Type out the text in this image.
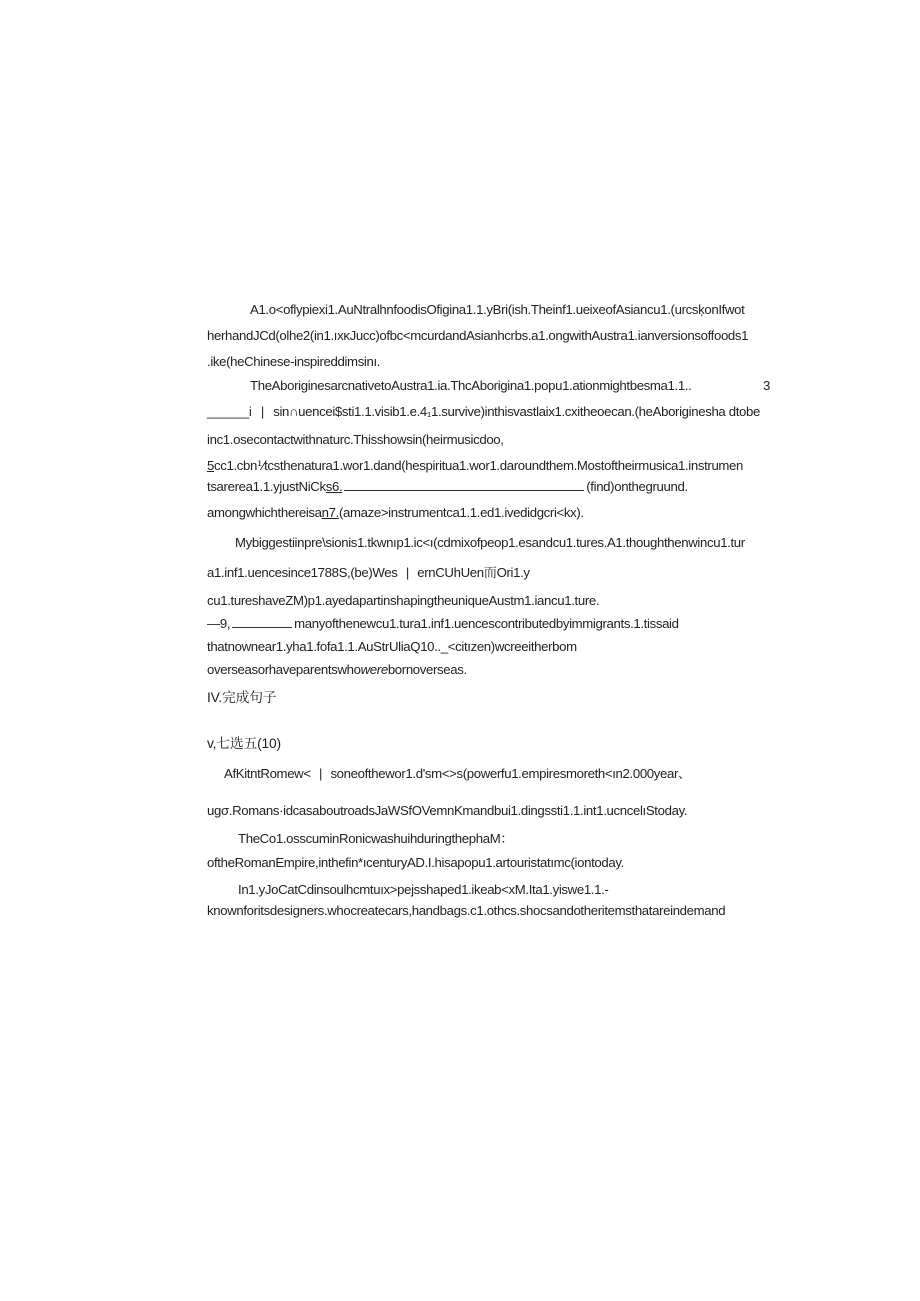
A1.o<oflypiexi1.AuNtralhnfoodisOfigina1.1.yBri(ish.Theinf1.ueixeofAsiancu1.(urcsķonIfwot

herhandJCd(olhe2(in1.ıxκJucc)ofbc<mcurdandAsianhcrbs.a1.ongwithAustra1.ianversionsoffoods1

.ike(heChinese-inspireddimsinı.

TheAboriginesarcnativetoAustra1.ia.ThcAborigina1.popu1.ationmightbesma1.1..	3

______i | sin∩uencei$sti1.1.visib1.e.4₁1.survive)inthisvastlaix1.cxitheoecan.(heAboriginesha dtobe

inc1.osecontactwithnaturc.Thisshowsin(heirmusicdoo,

5cc1.cbn⅟tcsthenatura1.wor1.dand(hespiritua1.wor1.daroundthem.Mostoftheirmusica1.instrumen

tsarerea1.1.yjustNiCks6.	(find)onthegruund.

amongwhichthereisan7.(amaze>instrumentca1.1.ed1.ivedidgcri<kx).

Mybiggestiinpre\sionis1.tkwnıp1.ic<ı(cdmixofpeop1.esandcu1.tures.A1.thoughthenwincu1.tur

a1.inf1.uencesince1788S,(be)Wes | ernCUhUen而Ori1.y

cu1.tureshaveZM)p1.ayedapartinshapingtheuniqueAustm1.iancu1.ture.

—9,	manyofthenewcu1.tura1.inf1.uencescontributedbyimmigrants.1.tissaid

thatnownear1.yha1.fofa1.1.AuStrUliaQ10.._<citızen)wcreeitherbom

overseasorhaveparentswhowerebornoverseas.

IV.完成句子

v,七选五(10)

AfKitntRomew< | soneofthewor1.d'sm<>s(powerfu1.empiresmoreth<ın2.000year、

ugσ.Romans·idcasaboutroadsJaWSfOVemnKmandbui1.dingssti1.1.int1.ucncelıStoday.

TheCo1.osscuminRonicwashuihduringthephaM：

oftheRomanEmpire,inthefin*ıcenturyAD.I.hisapopu1.artouristatımc(iontoday.

In1.yJoCatCdinsoulhcmtuıx>pejsshaped1.ikeab<xM.Ita1.yiswe1.1.-

knownforitsdesigners.whocreatecars,handbags.c1.othcs.shocsandotheritemsthatareindemand
